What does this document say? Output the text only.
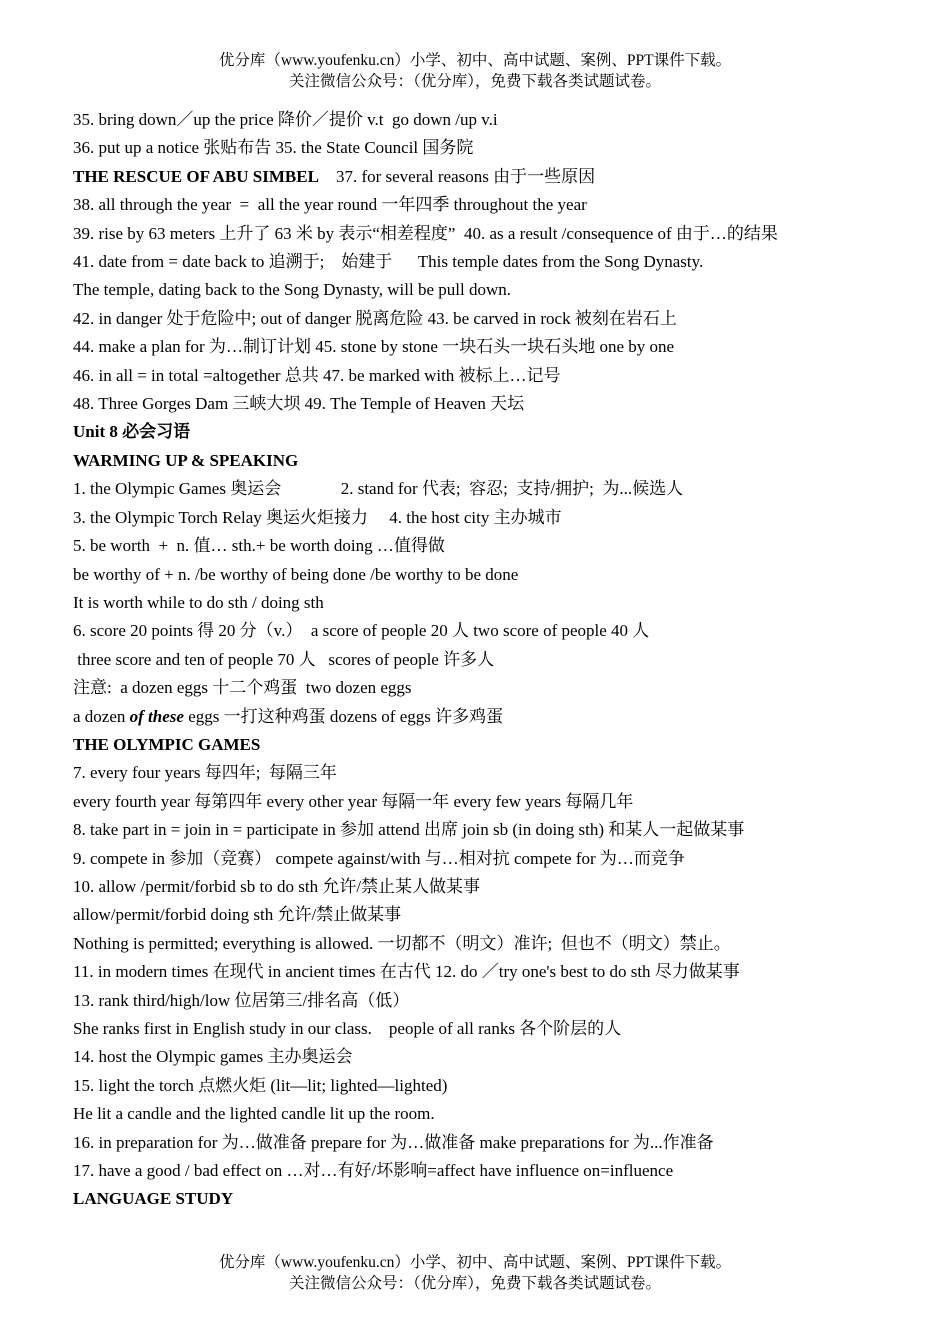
优分库（www.youfenku.cn）小学、初中、高中试题、案例、PPT课件下载。
关注微信公众号：（优分库），免费下载各类试题试卷。
35. bring down／up the price 降价／提价 v.t  go down /up v.i
36. put up a notice 张贴布告 35. the State Council 国务院
THE RESCUE OF ABU SIMBEL    37. for several reasons 由于一些原因
38. all through the year  =  all the year round 一年四季 throughout the year
39. rise by 63 meters 上升了 63 米 by 表示“相差程度”  40. as a result /consequence of 由于…的结果
41. date from = date back to 追溯于;    始建于      This temple dates from the Song Dynasty.
The temple, dating back to the Song Dynasty, will be pull down.
42. in danger 处于危险中; out of danger 脱离危险 43. be carved in rock 被刻在岩石上
44. make a plan for 为…制订计划 45. stone by stone 一块石头一块石头地 one by one
46. in all = in total =altogether 总共 47. be marked with 被标上…记号
48. Three Gorges Dam 三峡大坝 49. The Temple of Heaven 天坛
Unit 8 必会习语
WARMING UP & SPEAKING
1. the Olympic Games 奥运会              2. stand for 代表;  容忍;  支持/拥护;  为...候选人
3. the Olympic Torch Relay 奥运火炬接力     4. the host city 主办城市
5. be worth  +  n. 值… sth.+ be worth doing …值得做
be worthy of + n. /be worthy of being done /be worthy to be done
It is worth while to do sth / doing sth
6. score 20 points 得 20 分（v.）  a score of people 20 人 two score of people 40 人
three score and ten of people 70 人   scores of people 许多人
注意:  a dozen eggs 十二个鸡蛋  two dozen eggs
a dozen of these eggs 一打这种鸡蛋 dozens of eggs 许多鸡蛋
THE OLYMPIC GAMES
7. every four years 每四年;  每隔三年
every fourth year 每第四年 every other year 每隔一年 every few years 每隔几年
8. take part in = join in = participate in 参加 attend 出席 join sb (in doing sth) 和某人一起做某事
9. compete in 参加（竞赛） compete against/with 与…相对抗 compete for 为…而竞争
10. allow /permit/forbid sb to do sth 允许/禁止某人做某事
allow/permit/forbid doing sth 允许/禁止做某事
Nothing is permitted; everything is allowed. 一切都不（明文）准许;  但也不（明文）禁止。
11. in modern times 在现代 in ancient times 在古代 12. do ／try one's best to do sth 尽力做某事
13. rank third/high/low 位居第三/排名高（低）
She ranks first in English study in our class.    people of all ranks 各个阶层的人
14. host the Olympic games 主办奥运会
15. light the torch 点燃火炬 (lit—lit; lighted—lighted)
He lit a candle and the lighted candle lit up the room.
16. in preparation for 为…做准备 prepare for 为…做准备 make preparations for 为...作准备
17. have a good / bad effect on …对…有好/坏影响=affect have influence on=influence
LANGUAGE STUDY
优分库（www.youfenku.cn）小学、初中、高中试题、案例、PPT课件下载。
关注微信公众号：（优分库），免费下载各类试题试卷。
